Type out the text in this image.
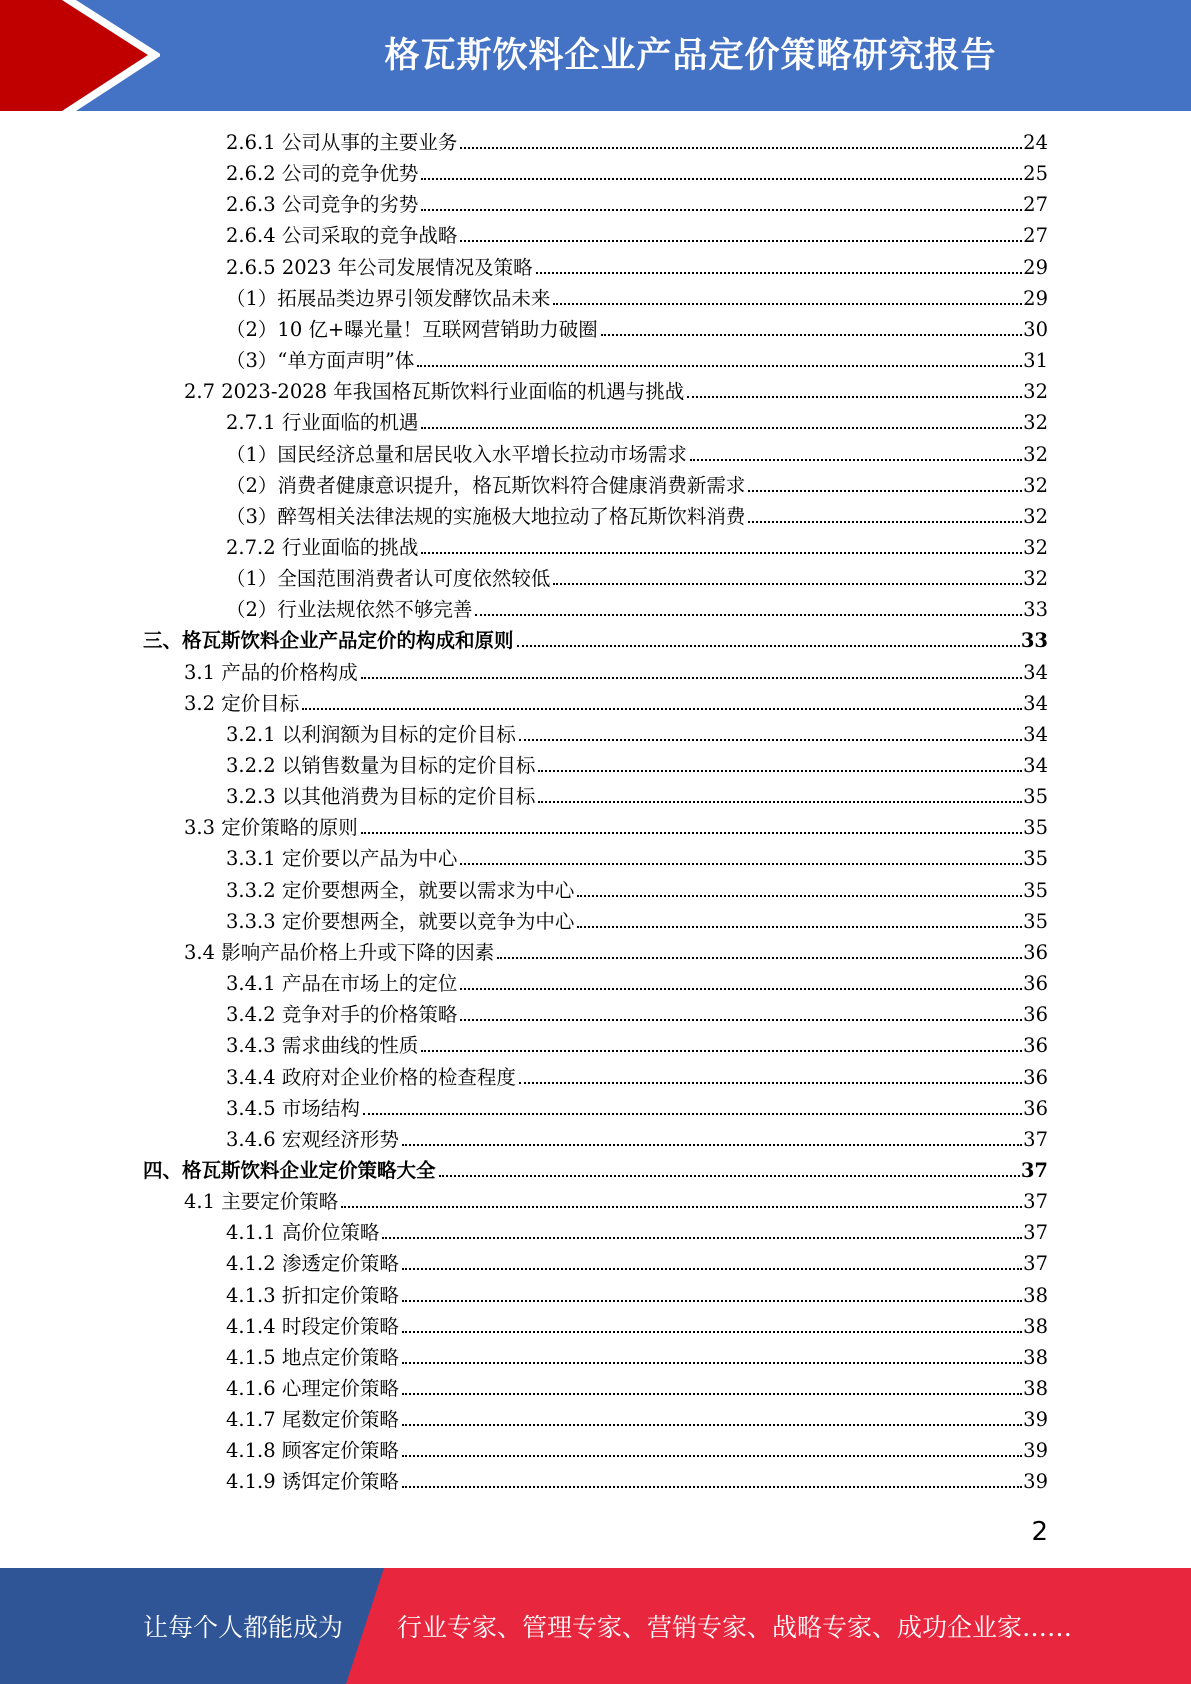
格瓦斯饮料企业产品定价策略研究报告
2.6.1 公司从事的主要业务	24
2.6.2 公司的竞争优势	25
2.6.3 公司竞争的劣势	27
2.6.4 公司采取的竞争战略	27
2.6.5 2023 年公司发展情况及策略	29
（1）拓展品类边界引领发酵饮品未来	29
（2）10 亿+曝光量！互联网营销助力破圈	30
（3）“单方面声明”体	31
2.7 2023-2028 年我国格瓦斯饮料行业面临的机遇与挑战	32
2.7.1 行业面临的机遇	32
（1）国民经济总量和居民收入水平增长拉动市场需求	32
（2）消费者健康意识提升，格瓦斯饮料符合健康消费新需求	32
（3）醉驾相关法律法规的实施极大地拉动了格瓦斯饮料消费	32
2.7.2 行业面临的挑战	32
（1）全国范围消费者认可度依然较低	32
（2）行业法规依然不够完善	33
三、格瓦斯饮料企业产品定价的构成和原则	33
3.1 产品的价格构成	34
3.2 定价目标	34
3.2.1 以利润额为目标的定价目标	34
3.2.2 以销售数量为目标的定价目标	34
3.2.3 以其他消费为目标的定价目标	35
3.3 定价策略的原则	35
3.3.1 定价要以产品为中心	35
3.3.2 定价要想两全，就要以需求为中心	35
3.3.3 定价要想两全，就要以竞争为中心	35
3.4 影响产品价格上升或下降的因素	36
3.4.1 产品在市场上的定位	36
3.4.2 竞争对手的价格策略	36
3.4.3 需求曲线的性质	36
3.4.4 政府对企业价格的检查程度	36
3.4.5 市场结构	36
3.4.6 宏观经济形势	37
四、格瓦斯饮料企业定价策略大全	37
4.1 主要定价策略	37
4.1.1 高价位策略	37
4.1.2 渗透定价策略	37
4.1.3 折扣定价策略	38
4.1.4 时段定价策略	38
4.1.5 地点定价策略	38
4.1.6 心理定价策略	38
4.1.7 尾数定价策略	39
4.1.8 顾客定价策略	39
4.1.9 诱饵定价策略	39
2
让每个人都能成为 行业专家、管理专家、营销专家、战略专家、成功企业家……
